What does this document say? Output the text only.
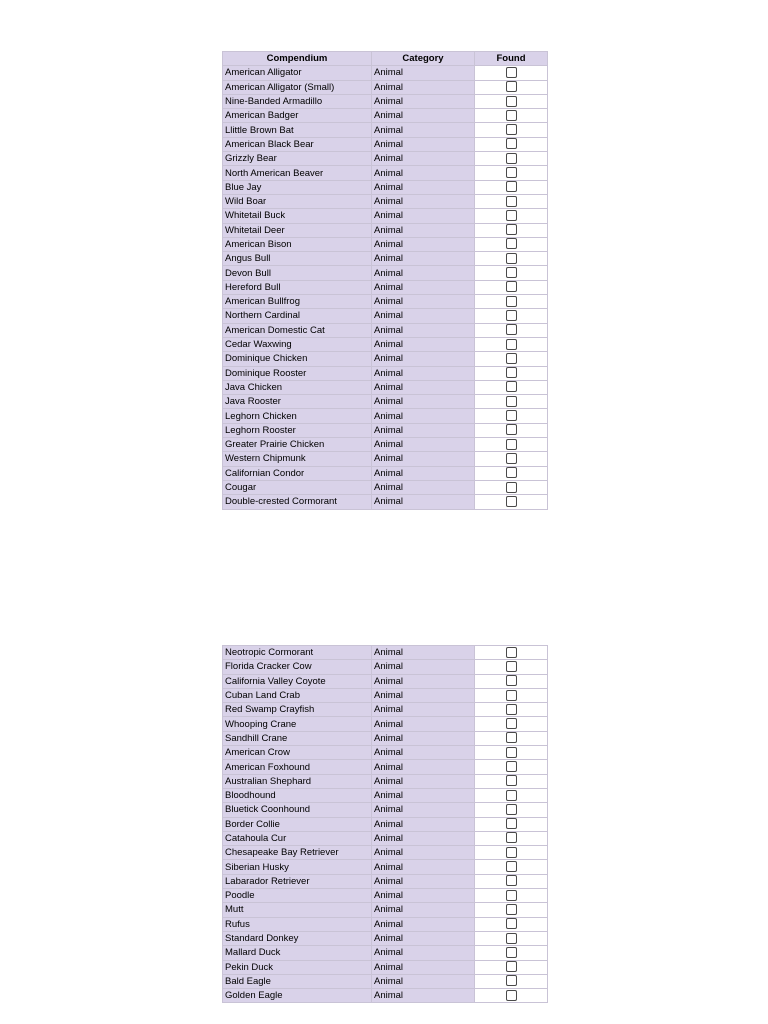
Compendium	Category	Found
American Alligator	Animal	
American Alligator (Small)	Animal	
Nine-Banded Armadillo	Animal	
American Badger	Animal	
Llittle Brown Bat	Animal	
American Black Bear	Animal	
Grizzly Bear	Animal	
North American Beaver	Animal	
Blue Jay	Animal	
Wild Boar	Animal	
Whitetail Buck	Animal	
Whitetail Deer	Animal	
American Bison	Animal	
Angus Bull	Animal	
Devon Bull	Animal	
Hereford Bull	Animal	
American Bullfrog	Animal	
Northern Cardinal	Animal	
American Domestic Cat	Animal	
Cedar Waxwing	Animal	
Dominique Chicken	Animal	
Dominique Rooster	Animal	
Java Chicken	Animal	
Java Rooster	Animal	
Leghorn Chicken	Animal	
Leghorn Rooster	Animal	
Greater Prairie Chicken	Animal	
Western Chipmunk	Animal	
Californian Condor	Animal	
Cougar	Animal	
Double-crested Cormorant	Animal	
Neotropic Cormorant	Animal	
Florida Cracker Cow	Animal	
California Valley Coyote	Animal	
Cuban Land Crab	Animal	
Red Swamp Crayfish	Animal	
Whooping Crane	Animal	
Sandhill Crane	Animal	
American Crow	Animal	
American Foxhound	Animal	
Australian Shephard	Animal	
Bloodhound	Animal	
Bluetick Coonhound	Animal	
Border Collie	Animal	
Catahoula Cur	Animal	
Chesapeake Bay Retriever	Animal	
Siberian Husky	Animal	
Labarador Retriever	Animal	
Poodle	Animal	
Mutt	Animal	
Rufus	Animal	
Standard Donkey	Animal	
Mallard Duck	Animal	
Pekin Duck	Animal	
Bald Eagle	Animal	
Golden Eagle	Animal	
